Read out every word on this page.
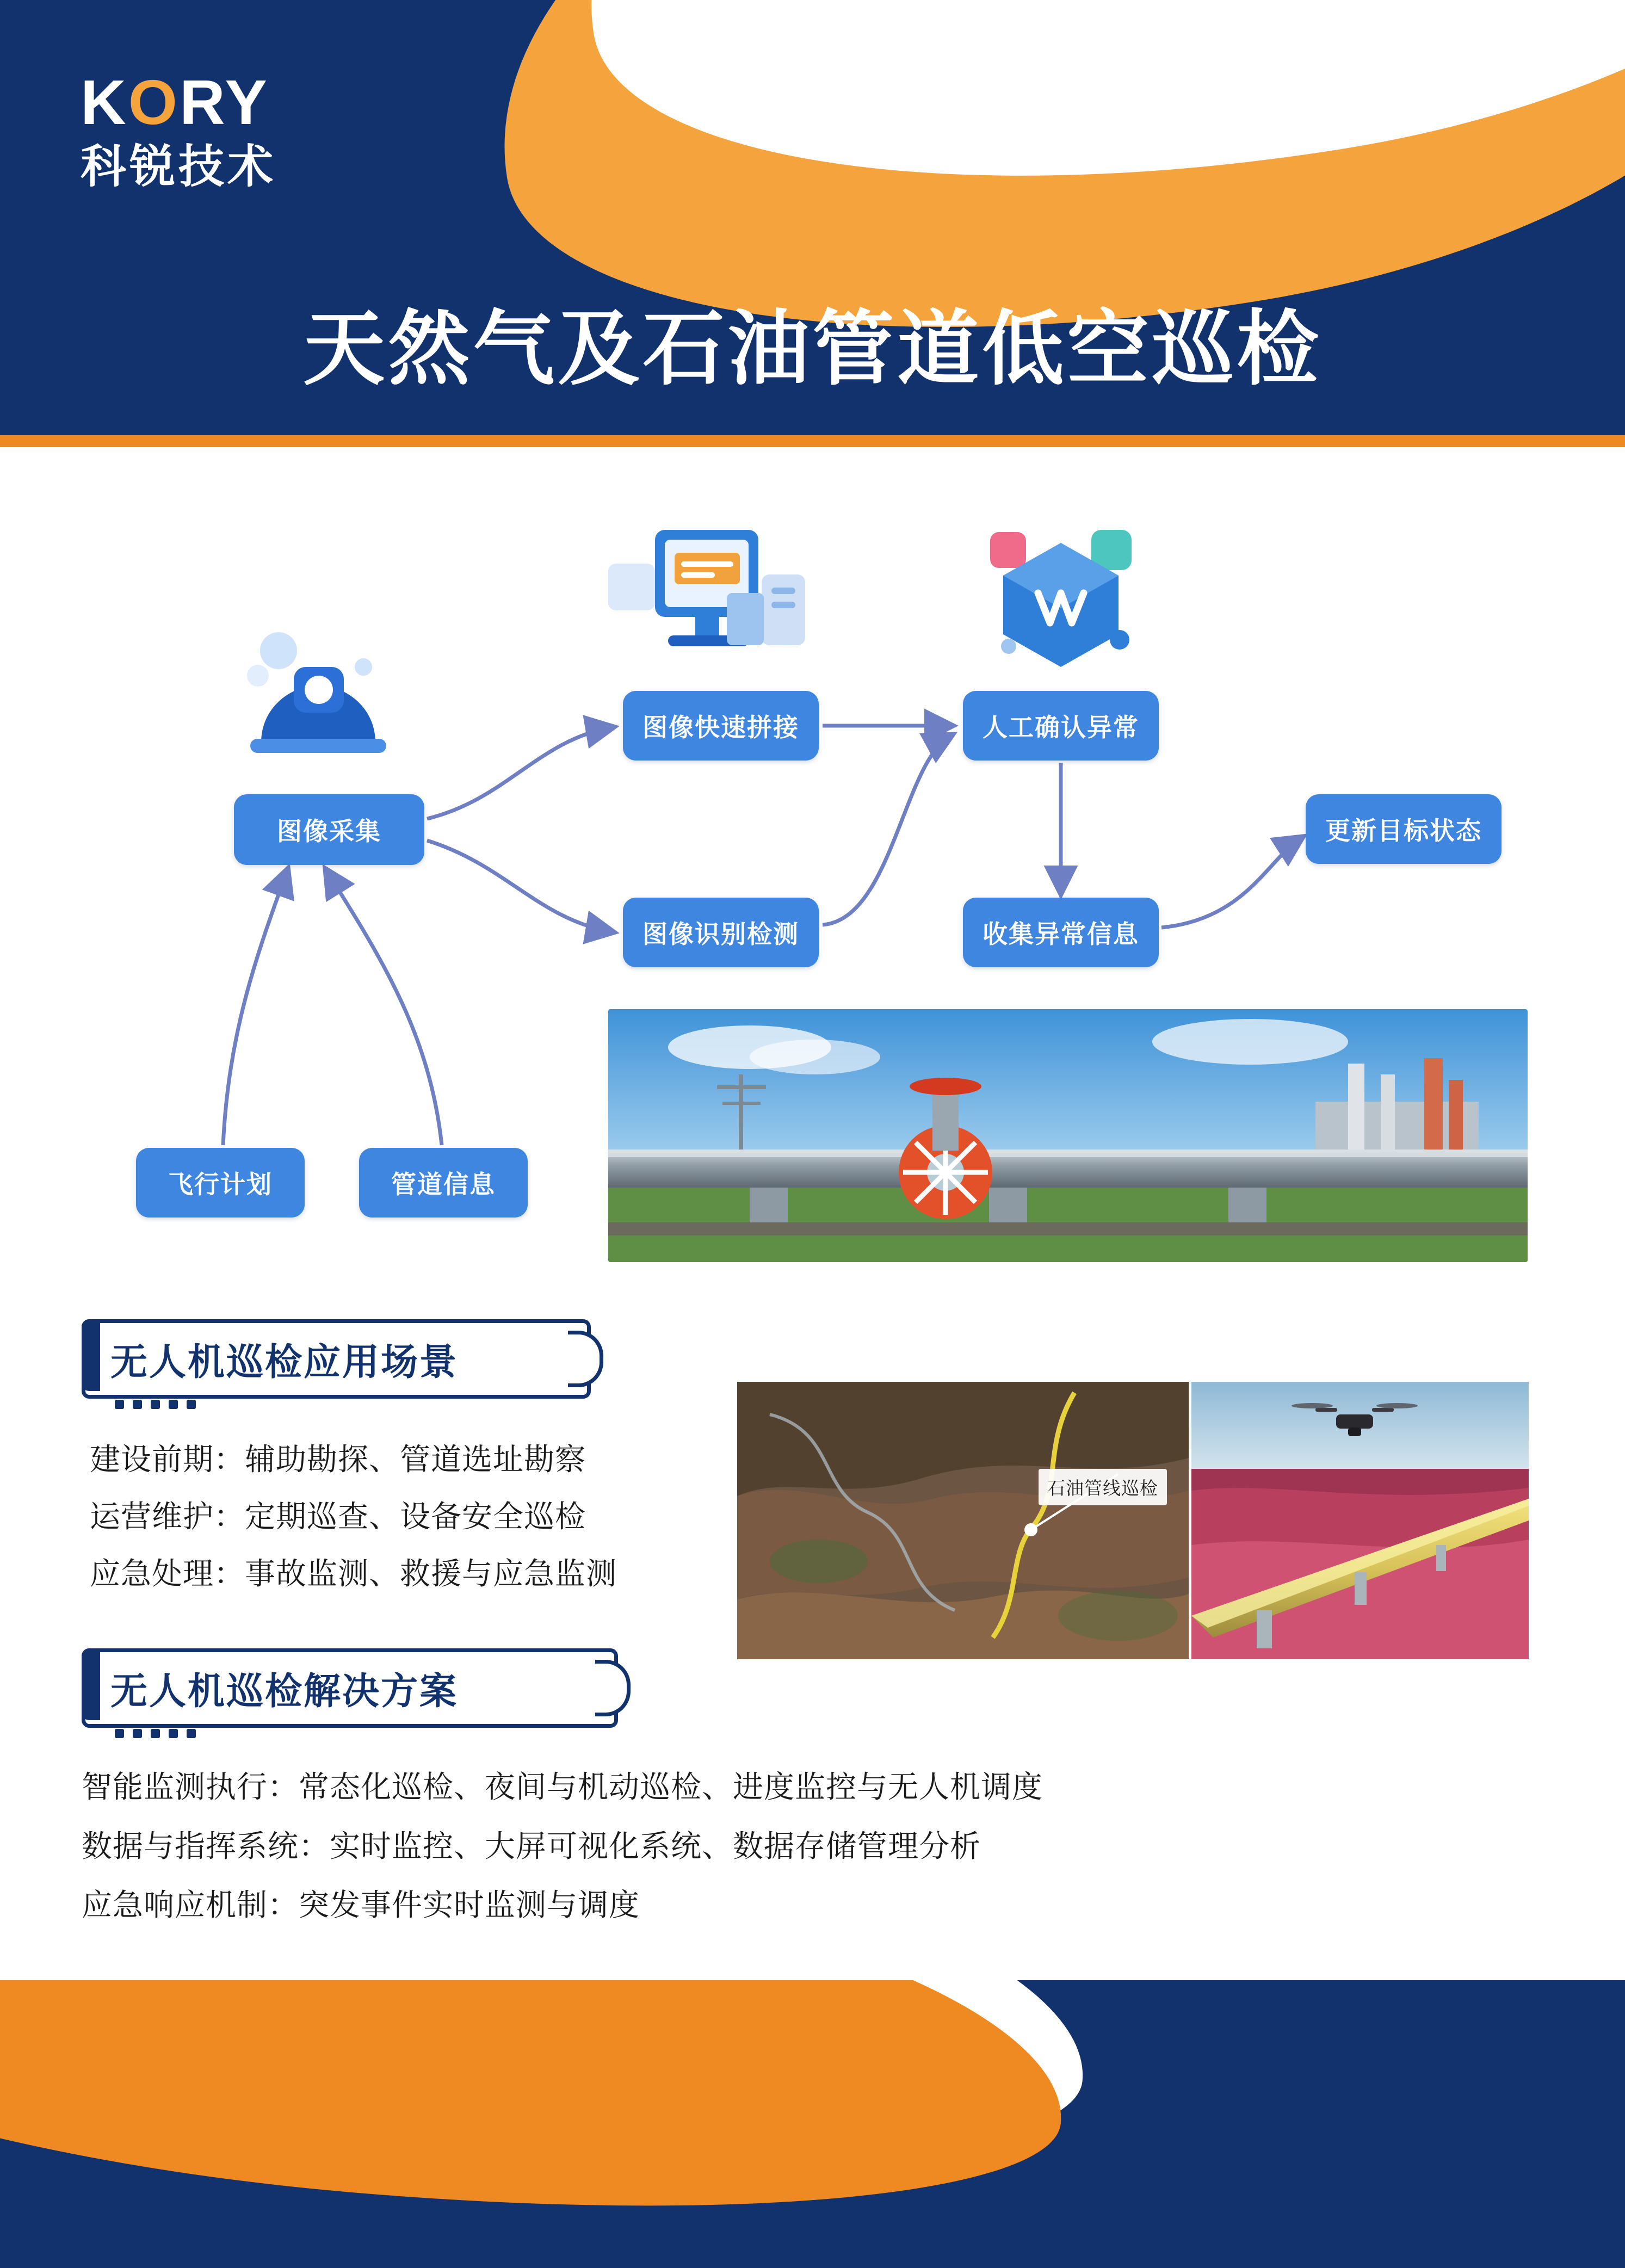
KORY
科锐技术
天然气及石油管道低空巡检
图像采集
图像快速拼接
图像识别检测
人工确认异常
收集异常信息
更新目标状态
飞行计划	管道信息
无人机巡检应用场景

建设前期：辅助勘探、管道选址勘察

运营维护：定期巡查、设备安全巡检

应急处理：事故监测、救援与应急监测

石油管线巡检
无人机巡检解决方案

智能监测执行：常态化巡检、夜间与机动巡检、进度监控与无人机调度

数据与指挥系统：实时监控、大屏可视化系统、数据存储管理分析

应急响应机制：突发事件实时监测与调度
